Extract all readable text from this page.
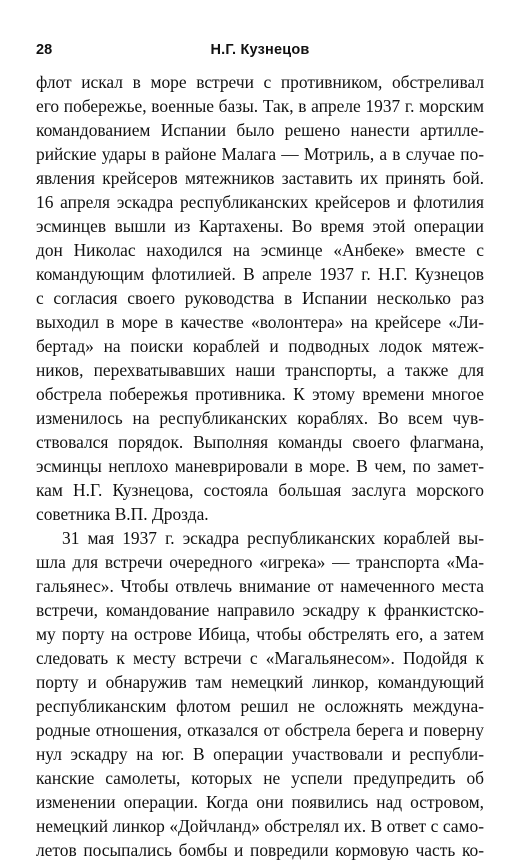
28	Н.Г. Кузнецов
флот искал в море встречи с противником, обстреливал
его побережье, военные базы. Так, в апреле 1937 г. морским
командованием Испании было решено нанести артилле-
рийские удары в районе Малага — Мотриль, а в случае по-
явления крейсеров мятежников заставить их принять бой.
16 апреля эскадра республиканских крейсеров и флотилия
эсминцев вышли из Картахены. Во время этой операции
дон Николас находился на эсминце «Анбеке» вместе с
командующим флотилией. В апреле 1937 г. Н.Г. Кузнецов
с согласия своего руководства в Испании несколько раз
выходил в море в качестве «волонтера» на крейсере «Ли-
бертад» на поиски кораблей и подводных лодок мятеж-
ников, перехватывавших наши транспорты, а также для
обстрела побережья противника. К этому времени многое
изменилось на республиканских кораблях. Во всем чув-
ствовался порядок. Выполняя команды своего флагмана,
эсминцы неплохо маневрировали в море. В чем, по замет-
кам Н.Г. Кузнецова, состояла большая заслуга морского
советника В.П. Дрозда.
31 мая 1937 г. эскадра республиканских кораблей вы-
шла для встречи очередного «игрека» — транспорта «Ма-
гальянес». Чтобы отвлечь внимание от намеченного места
встречи, командование направило эскадру к франкистско-
му порту на острове Ибица, чтобы обстрелять его, а затем
следовать к месту встречи с «Магальянесом». Подойдя к
порту и обнаружив там немецкий линкор, командующий
республиканским флотом решил не осложнять междуна-
родные отношения, отказался от обстрела берега и поверну
нул эскадру на юг. В операции участвовали и республи-
канские самолеты, которых не успели предупредить об
изменении операции. Когда они появились над островом,
немецкий линкор «Дойчланд» обстрелял их. В ответ с само-
летов посыпались бомбы и повредили кормовую часть ко-
